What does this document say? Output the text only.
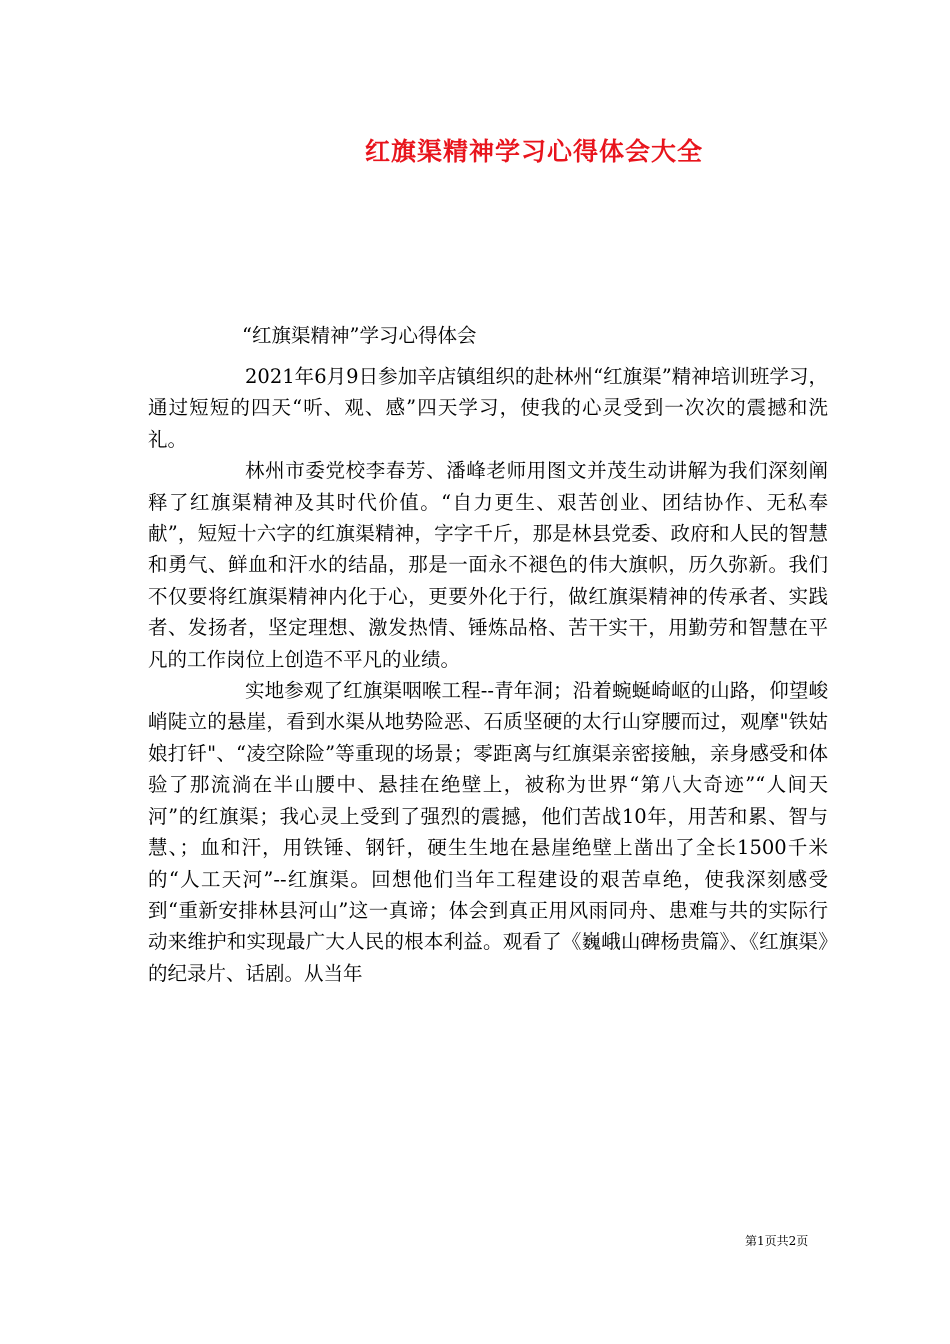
红旗渠精神学习心得体会大全
“红旗渠精神”学习心得体会

2021年6月9日参加辛店镇组织的赴林州“红旗渠”精神培训班学习，通过短短的四天“听、观、感”四天学习，使我的心灵受到一次次的震撼和洗礼。

林州市委党校李春芳、潘峰老师用图文并茂生动讲解为我们深刻阐释了红旗渠精神及其时代价值。“自力更生、艰苦创业、团结协作、无私奉献”，短短十六字的红旗渠精神，字字千斤，那是林县党委、政府和人民的智慧和勇气、鲜血和汗水的结晶，那是一面永不褪色的伟大旗帜，历久弥新。我们不仅要将红旗渠精神内化于心，更要外化于行，做红旗渠精神的传承者、实践者、发扬者，坚定理想、激发热情、锤炼品格、苦干实干，用勤劳和智慧在平凡的工作岗位上创造不平凡的业绩。

实地参观了红旗渠咽喉工程--青年洞；沿着蜿蜒崎岖的山路，仰望峻峭陡立的悬崖，看到水渠从地势险恶、石质坚硬的太行山穿腰而过，观摩"铁姑娘打钎"、“凌空除险”等重现的场景；零距离与红旗渠亲密接触，亲身感受和体验了那流淌在半山腰中、悬挂在绝壁上，被称为世界“第八大奇迹”“人间天河”的红旗渠；我心灵上受到了强烈的震撼，他们苦战10年，用苦和累、智与慧、；血和汗，用铁锤、钢钎，硬生生地在悬崖绝壁上凿出了全长1500千米的“人工天河”--红旗渠。回想他们当年工程建设的艰苦卓绝，使我深刻感受到“重新安排林县河山”这一真谛；体会到真正用风雨同舟、患难与共的实际行动来维护和实现最广大人民的根本利益。观看了《巍峨山碑杨贵篇》、《红旗渠》的纪录片、话剧。从当年

第1页共2页
